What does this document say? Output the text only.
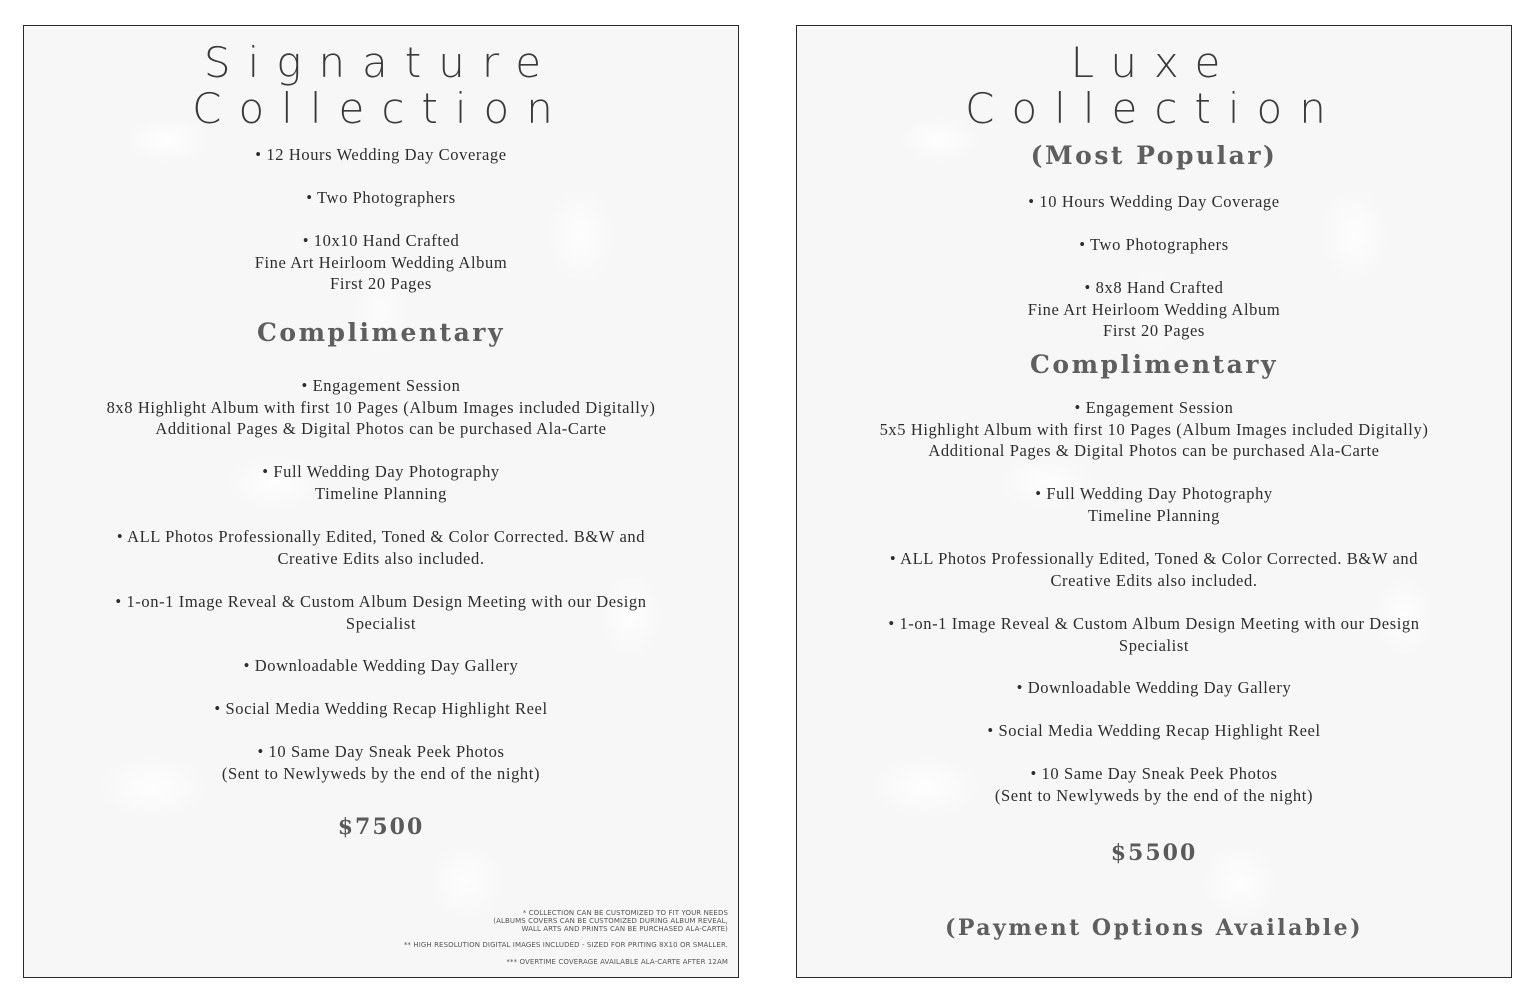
Signature
Collection
• 12 Hours Wedding Day Coverage
• Two Photographers
• 10x10 Hand Crafted
Fine Art Heirloom Wedding Album
First 20 Pages
Complimentary
• Engagement Session
8x8 Highlight Album with first 10 Pages (Album Images included Digitally)
Additional Pages & Digital Photos can be purchased Ala-Carte
• Full Wedding Day Photography
Timeline Planning
• ALL Photos Professionally Edited, Toned & Color Corrected. B&W and
Creative Edits also included.
• 1-on-1 Image Reveal & Custom Album Design Meeting with our Design
Specialist
• Downloadable Wedding Day Gallery
• Social Media Wedding Recap Highlight Reel
• 10 Same Day Sneak Peek Photos
(Sent to Newlyweds by the end of the night)
$7500
* COLLECTION CAN BE CUSTOMIZED TO FIT YOUR NEEDS
(ALBUMS COVERS CAN BE CUSTOMIZED DURING ALBUM REVEAL,
WALL ARTS AND PRINTS CAN BE PURCHASED ALA-CARTE)
** HIGH RESOLUTION DIGITAL IMAGES INCLUDED - SIZED FOR PRITING 8X10 OR SMALLER.
*** OVERTIME COVERAGE AVAILABLE ALA-CARTE AFTER 12AM
Luxe
Collection
(Most Popular)
• 10 Hours Wedding Day Coverage
• Two Photographers
• 8x8 Hand Crafted
Fine Art Heirloom Wedding Album
First 20 Pages
Complimentary
• Engagement Session
5x5 Highlight Album with first 10 Pages (Album Images included Digitally)
Additional Pages & Digital Photos can be purchased Ala-Carte
• Full Wedding Day Photography
Timeline Planning
• ALL Photos Professionally Edited, Toned & Color Corrected. B&W and
Creative Edits also included.
• 1-on-1 Image Reveal & Custom Album Design Meeting with our Design
Specialist
• Downloadable Wedding Day Gallery
• Social Media Wedding Recap Highlight Reel
• 10 Same Day Sneak Peek Photos
(Sent to Newlyweds by the end of the night)
$5500
(Payment Options Available)
